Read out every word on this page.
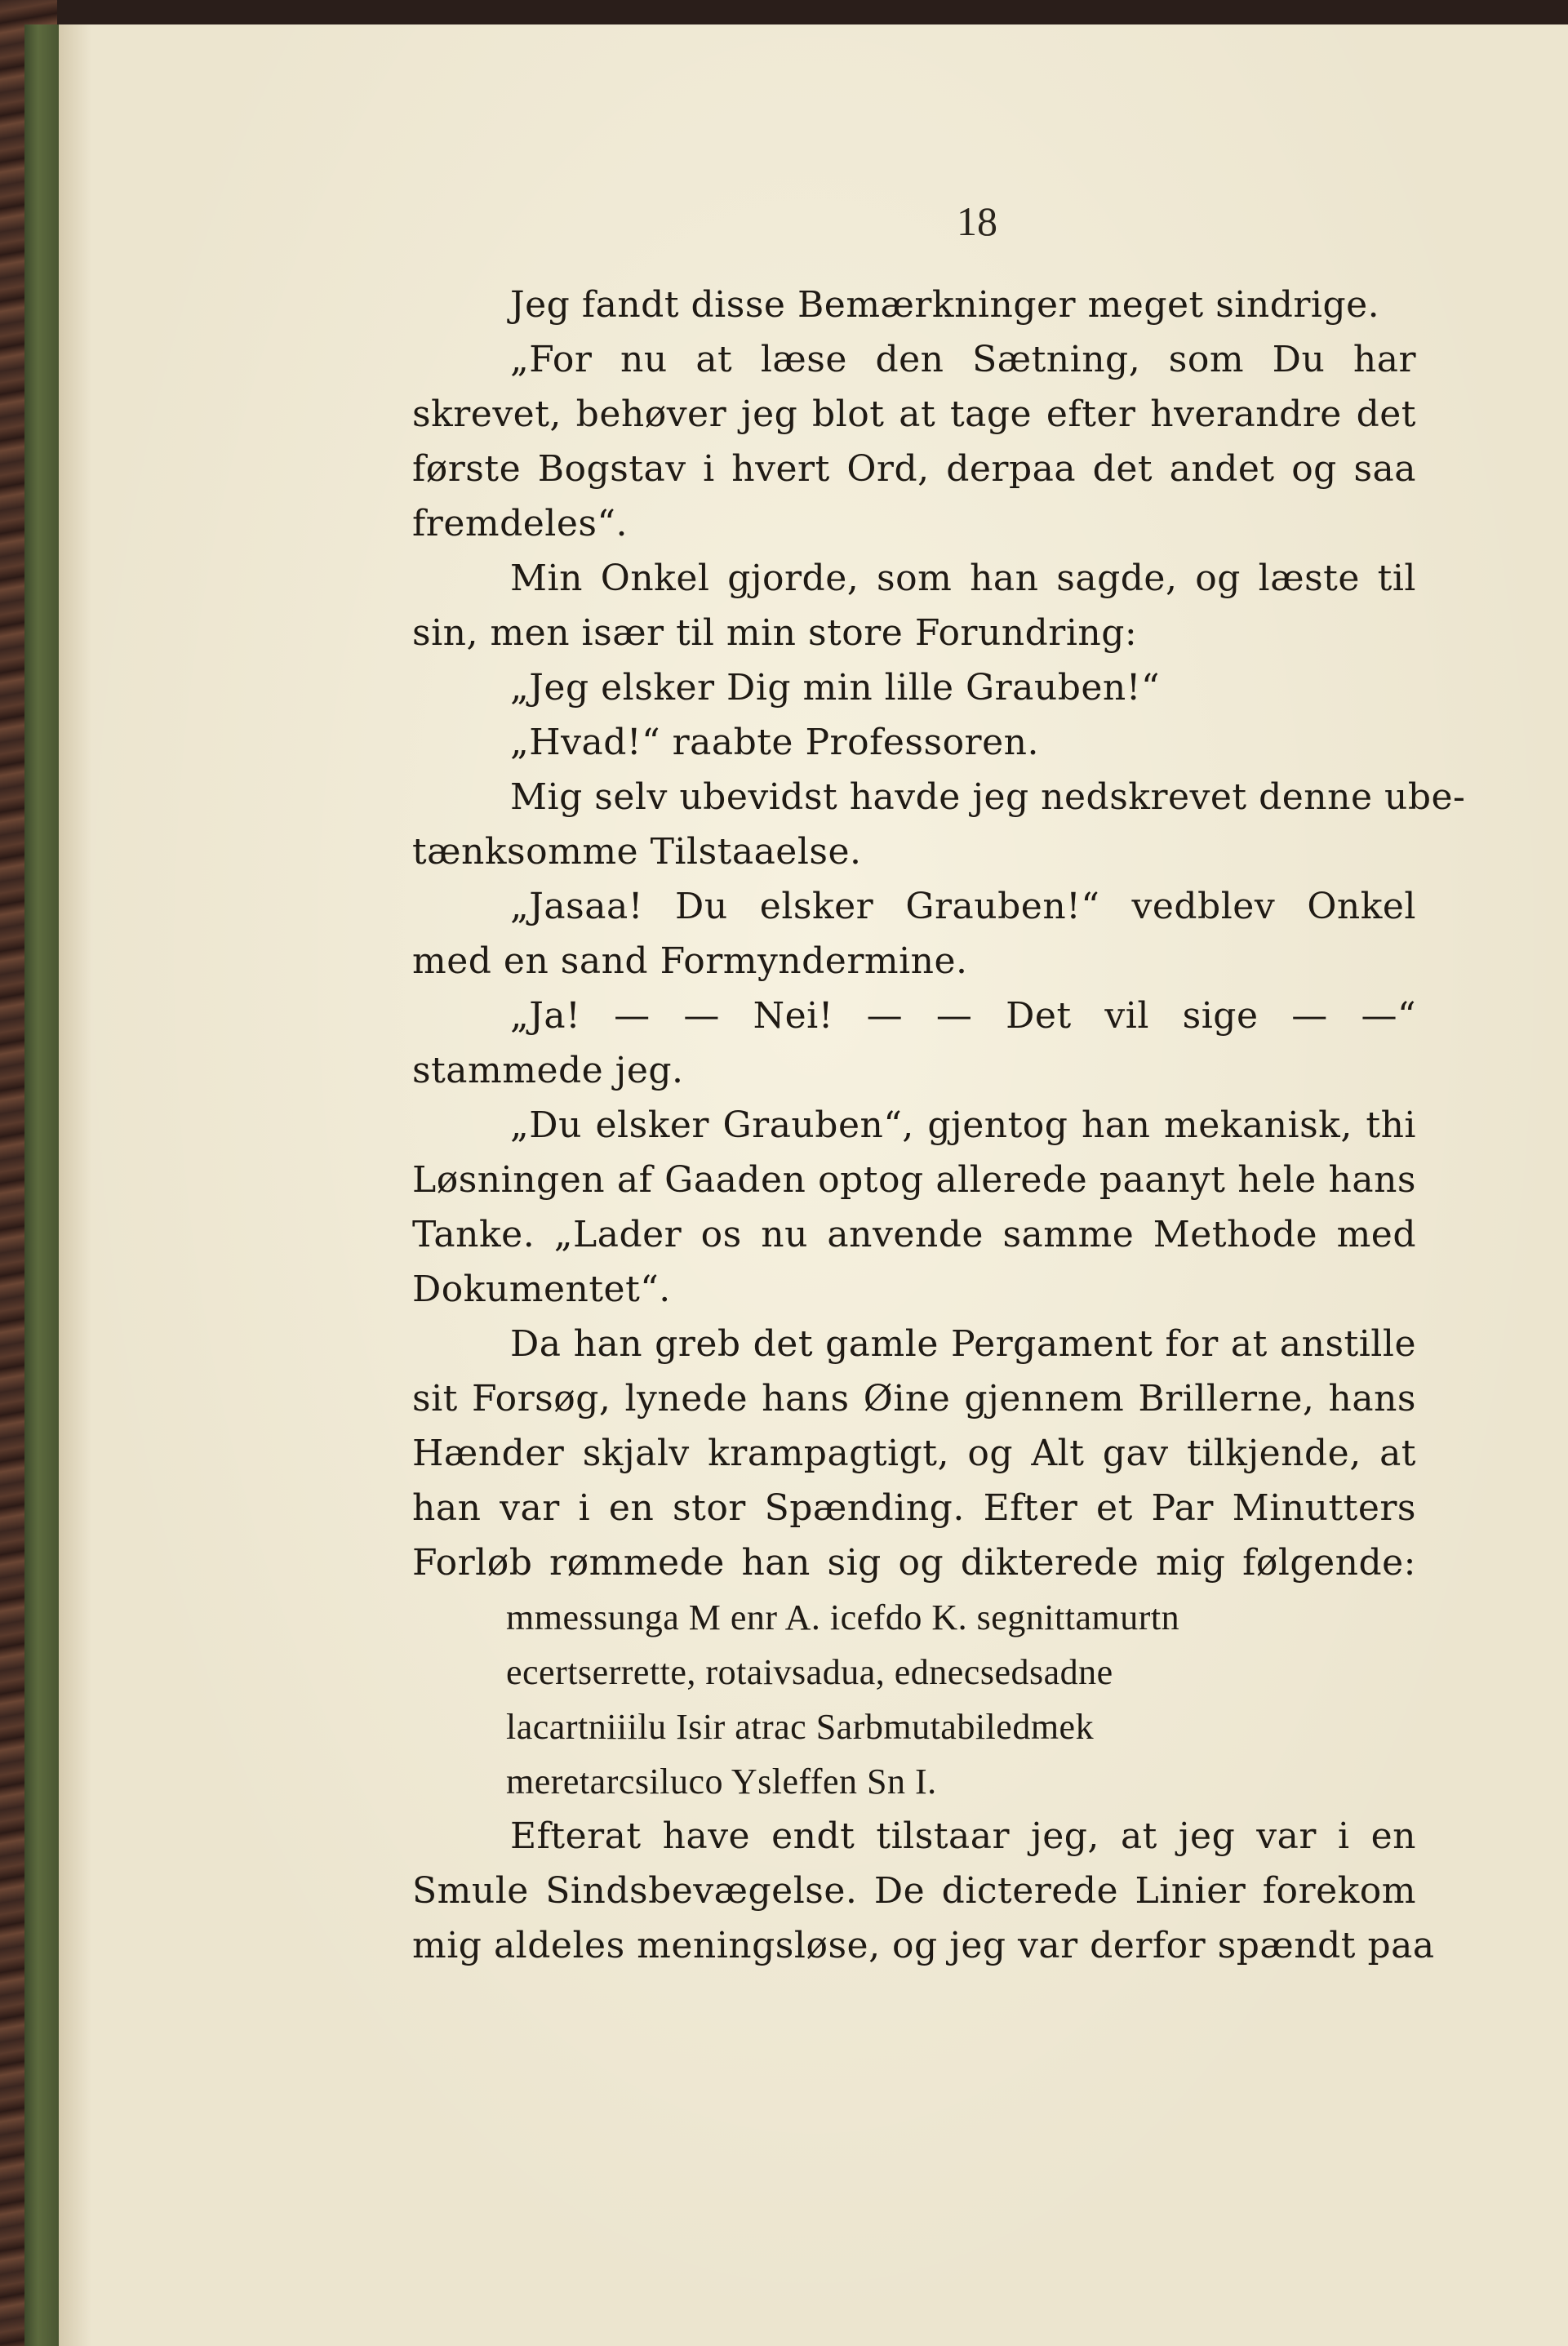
18
Jeg fandt disse Bemærkninger meget sindrige.
„For nu at læse den Sætning, som Du har
skrevet, behøver jeg blot at tage efter hverandre det
første Bogstav i hvert Ord, derpaa det andet og saa
fremdeles“.
Min Onkel gjorde, som han sagde, og læste til
sin, men især til min store Forundring:
„Jeg elsker Dig min lille Grauben!“
„Hvad!“ raabte Professoren.
Mig selv ubevidst havde jeg nedskrevet denne ube-
tænksomme Tilstaaelse.
„Jasaa! Du elsker Grauben!“ vedblev Onkel
med en sand Formyndermine.
„Ja! — — Nei! — — Det vil sige — —“
stammede jeg.
„Du elsker Grauben“, gjentog han mekanisk, thi
Løsningen af Gaaden optog allerede paanyt hele hans
Tanke. „Lader os nu anvende samme Methode med
Dokumentet“.
Da han greb det gamle Pergament for at anstille
sit Forsøg, lynede hans Øine gjennem Brillerne, hans
Hænder skjalv krampagtigt, og Alt gav tilkjende, at
han var i en stor Spænding. Efter et Par Minutters
Forløb rømmede han sig og dikterede mig følgende:
mmessunga M enr A. icefdo K. segnittamurtn
ecertserrette, rotaivsadua, ednecsedsadne
lacartniiilu Isir atrac Sarbmutabiledmek
meretarcsiluco Ysleffen Sn I.
Efterat have endt tilstaar jeg, at jeg var i en
Smule Sindsbevægelse. De dicterede Linier forekom
mig aldeles meningsløse, og jeg var derfor spændt paa
